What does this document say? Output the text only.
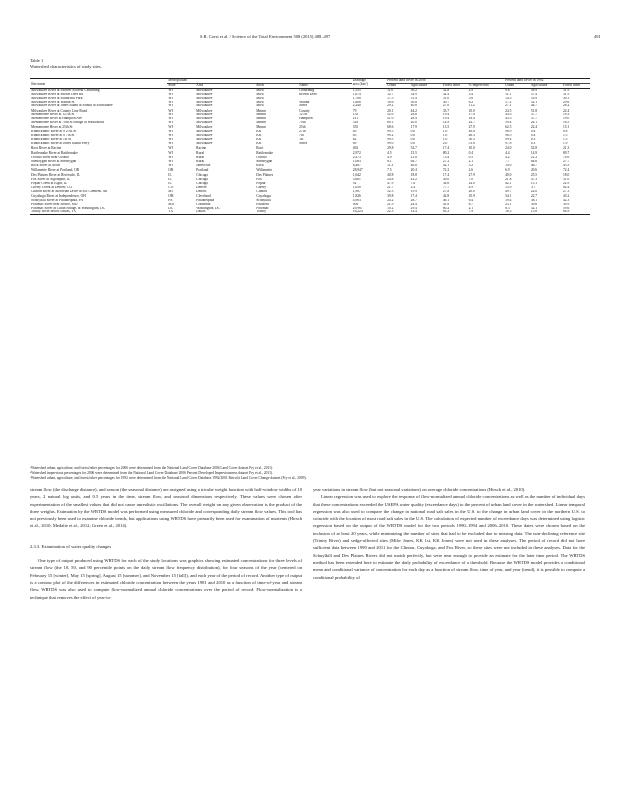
S.R. Corsi et al. / Science of the Total Environment 508 (2015) 488–497	491
Table 1
Watershed characteristics of study sites.
	Metropolitan				Drainage	Percent land cover in 2006				Percent land cover in 1992		
Site name	State	Area	Short	Name	area (km²)	Urban	Agriculture	Forest other	% Impervious	Urban	Agriculture	Forest other
Milwaukee River at Pioneer Rd near Cedarburg	WI	Milwaukee	Milw	Cedarburg	1,555	11.0	56.2	32.8	2.9	9.6	58.9	31.9
Milwaukee River at Brown Deer Rd	WI	Milwaukee	Milw	Brown Deer	1,674	12.7	54.9	32.4	3.4	11.1	57.4	31.5
Milwaukee River at Estabrook Park	WI	Milwaukee	Milw		1,780	17.5	51.4	31.0	5.6	14.5	53.9	30.1
Milwaukee River at Walnut St	WI	Milwaukee	Milw	Walnut	1,808	18.6	50.8	30.7	6.2	17.2	52.1	29.6
Milwaukee River at Jones Island at Mouth at Milwaukee	WI	Milwaukee	Milw	Jones	2,240	29.2	40.8	27.0	11.2	27.1	44.7	28.2
Milwaukee River at County Line Road	WI	Milwaukee	Mnmn	County	79	20.1	44.2	33.7	10.0	24.5	51.8	22.4
Menomonee River at 127th St	WI	Milwaukee	Mnmn	127th	135	52.0	28.6	19.4	17.8	43.0	37.7	19.3
Menomonee River at Hampton Ave	WI	Milwaukee	Mnmn	Hampton	211	51.0	28.4	19.4	18.4	43.3	37.7	19.0
Menomonee River at 70th St Bridge at Wauwatosa	WI	Milwaukee	Mnmn	70th	318	60.1	20.0	14.9	24.7	59.4	24.1	16.5
Menomonee River at 25th St	WI	Milwaukee	Mnmn	25th	355	68.6	17.9	13.5	27.9	62.5	22.4	15.1
Kinnickinnic River at S 27th St	WI	Milwaukee	KK	27th	49	99.5	0.0	1.0	49.8	98.9	0.4	0.8
Kinnickinnic River at S 7th St	WI	Milwaukee	KK	7th	65	99.2	0.0	1.0	46.3	98.5	0.4	1.5
Kinnickinnic River at 1st St	WI	Milwaukee	KK	1st	62	99.5	0.0	1.0	50.5	99.4	0.3	1.5
Kinnickinnic River at Jones Island Ferry	WI	Milwaukee	KK	Jones	69	99.0	0.0	2.0	51.6	97.8	0.3	1.9
Root River at Racine	WI	Racine	Root		492	29.8	52.7	17.4	10.0	24.0	52.8	21.3
Rattlesnake River at Rattlesnake	WI	Rural	Rattlesnake		2,972	4.5	15.5	80.2	0.4	4.4	14.9	80.7
Oconto River near Oconto	WI	Rural	Oconto		2,473	4.9	21.8	73.4	0.5	4.2	21.2	74.6
Sheboygan River at Sheboygan	WI	Rural	Sheboygan		1,083	8.1	64.7	27.2	2.1	7.7	64.6	27.7
Rock River at Afton	WI	Janesville	Rock		8,487	11.3	46.6	42.1	3.2	10.0	46.7	43.3
Willamette River at Portland, OR	OR	Portland	Willamette		28,947	7.5	20.4	72.2	2.6	6.9	20.6	72.4
Des Plaines River at Riverside, IL	IL	Chicago	Des Plaines		1,642	40.8	18.8	17.4	27.9	40.0	25.5	18.0
Fox River at Algonquin, IL	IL	Chicago	Fox		3,601	24.8	43.2	30.0	7.0	21.8	47.3	31.0
Poplar Creek at Elgin, IL	IL	Chicago	Poplar		92	47.9	7.6	34.6	24.0	42.1	15.1	22.9
Cherry Creek at Denver, CO	CO	Denver	Cherry		1,050	21.7	2.4	77.7	4.9	13.9	3.7	82.4
Clinton River at Moravian Drive at Mt. Clemens, MI	MI	Detroit	Clinton		1,907	52.3	19.9	27.8	20.0	49.7	22.0	27.3
Cuyahoga River at Independence, OH	OH	Cleveland	Cuyahoga		1,826	39.8	17.4	42.8	10.9	34.1	22.7	43.2
Schuylkill River at Philadelphia, PA	PA	Philadelphia	Schuylkill		4,903	24.2	28.7	46.1	6.4	19.4	38.1	42.3
Potomac River near Bowie, MD	MD	Columbia	Patuxent		904	21.9	24.4	41.8	8.7	23.1	30.6	39.9
Potomac River at Chain Bridge, at Washington, DC	DC	Washington, DC	Potomac		29,967	10.2	29.4	60.2	2.1	8.3	32.1	59.6
Trinity River below Dallas, TX	TX	Dallas	Trinity		16,224	22.3	14.4	63.3	7.9	18.3	15.8	64.9
ᵃWatershed urban, agriculture, and forest/other percentages for 2006 were determined from the National Land Cover Database 2006 Land Cover dataset Fry et al., 2011).
ᵇWatershed impervious percentages for 2006 were determined from the National Land Cover Database 2006 Percent Developed Imperviousness dataset Fry et al., 2011).
ᶜWatershed urban, agriculture, and forest/other percentages for 1992 were determined from the National Land Cover Database 1992/2001 Retrofit Land Cover Change dataset (Fry et al., 2009).

stream flow (the discharge distance), and season (the seasonal distance) are assigned using a tricube weight function with half-window widths of 10 years, 2 natural log units, and 0.5 years in the time, stream flow, and seasonal dimensions respectively. These values were chosen after experimentation of the smallest values that did not cause unrealistic oscillations. The overall weight on any given observation is the product of the three weights. Estimation by the WRTDS model was performed using measured chloride and corresponding daily stream flow values. This tool has not previously been used to examine chloride trends, but applications using WRTDS have primarily been used for examination of nutrients (Hirsch et al., 2010; Medalie et al., 2012; Green et al., 2014).

2.3.3. Examination of water quality changes

One type of output produced using WRTDS for each of the study locations was graphics showing estimated concentrations for three levels of stream flow (the 10, 50, and 90 percentile points on the daily stream flow frequency distribution), for four seasons of the year (centered on February 15 [winter], May 15 [spring], August 15 [summer], and November 15 [fall]), and each year of the period of record. Another type of output is a contour plot of the differences in estimated chloride concentration between the years 1981 and 2010 as a function of time-of-year and stream flow. WRTDS was also used to compute flow-normalized annual chloride concentrations over the period of record. Flow-normalization is a technique that removes the effect of year-to-

year variations in stream flow (but not seasonal variations) on average chloride concentrations (Hirsch et al., 2010).

Linear regression was used to explore the response of flow-normalized annual chloride concentrations as well as the number of individual days that these concentrations exceeded the USEPA water quality (exceedance days) to the percent of urban land cover in the watershed. Linear temporal regression was also used to compare the change in national road salt sales in the U.S. to the change in urban land cover in the northern U.S. to coincide with the location of most road salt sales in the U.S. The calculation of expected number of exceedance days was determined using logistic regression based on the output of the WRTDS model for the two periods 1990–1994 and 2006–2010. These dates were chosen based on the inclusion of at least 20 years, while minimizing the number of sites that had to be excluded due to missing data. The non-declining reference site (Trinity River) and sedge-affected sites (Milw Jones, KK 1st, KK Jones) were not used in these analyses. The period of record did not have sufficient data between 1990 and 2011 for the Clinton, Cuyahoga, and Fox River, so these sites were not included in these analyses. Data for the Schuylkill and Des Plaines Rivers did not match perfectly, but were near enough to provide an estimate for the later time period. The WRTDS method has been extended here to estimate the daily probability of exceedance of a threshold. Because the WRTDS model provides a conditional mean and conditional variance of concentration for each day as a function of stream flow, time of year, and year (trend), it is possible to compute a conditional probability of
